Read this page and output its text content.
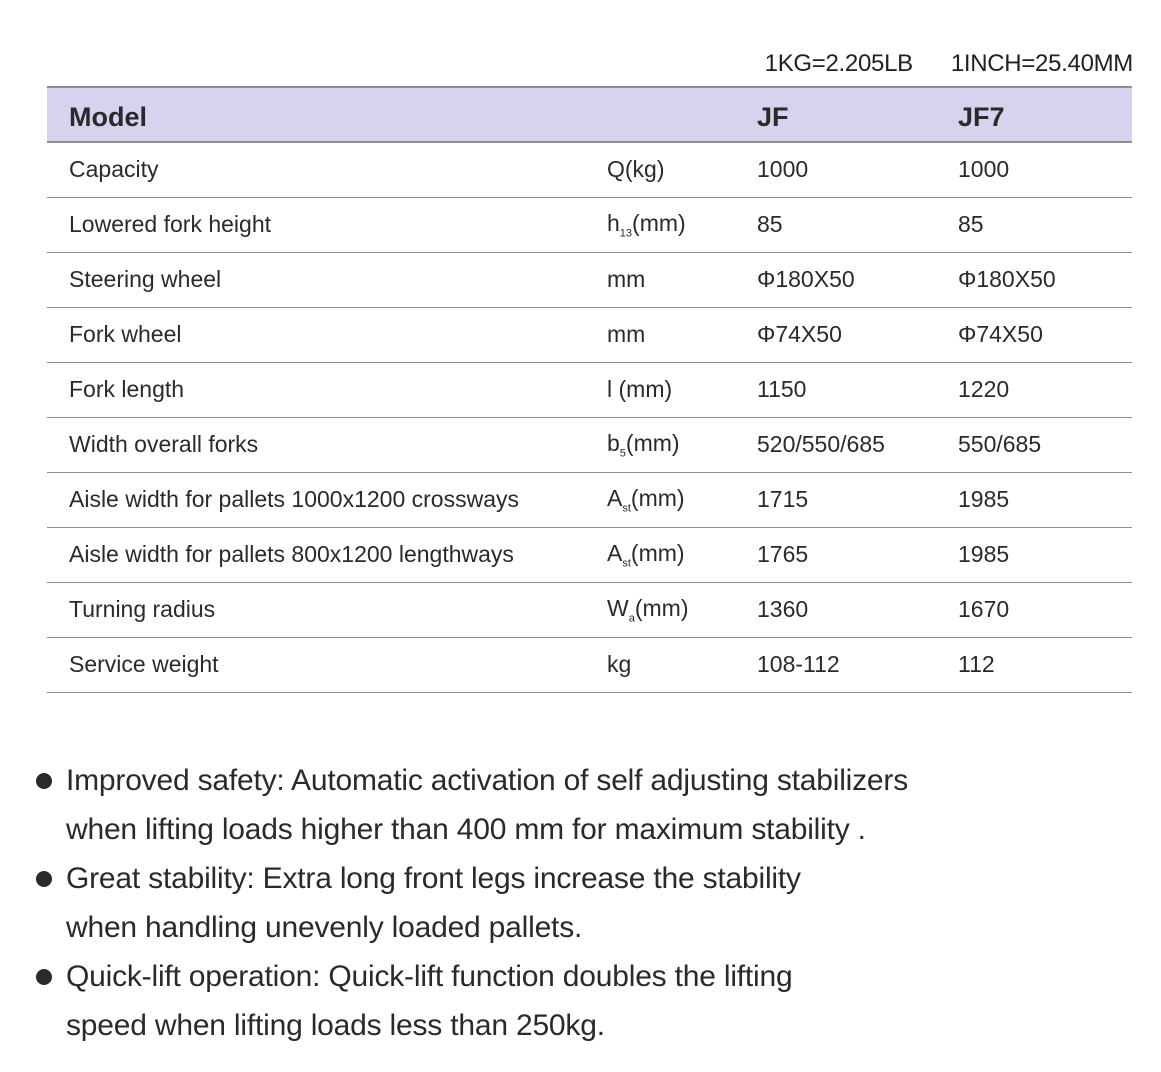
1KG=2.205LB 1INCH=25.40MM
Model		JF	JF7
Capacity	Q(kg)	1000	1000
Lowered fork height	$h_{13}(mm)$	85	85
Steering wheel	mm	Φ180X50	Φ180X50
Fork wheel	mm	Φ74X50	Φ74X50
Fork length	l (mm)	1150	1220
Width overall forks	$b_5(mm)$	520/550/685	550/685
Aisle width for pallets 1000x1200 crossways	$A_{st}(mm)$	1715	1985
Aisle width for pallets 800x1200 lengthways	$A_{st}(mm)$	1765	1985
Turning radius	$W_a(mm)$	1360	1670
Service weight	kg	108-112	112
Improved safety: Automatic activation of self adjusting stabilizers
when lifting loads higher than 400 mm for maximum stability .
Great stability: Extra long front legs increase the stability
when handling unevenly loaded pallets.
Quick-lift operation: Quick-lift function doubles the lifting
speed when lifting loads less than 250kg.
